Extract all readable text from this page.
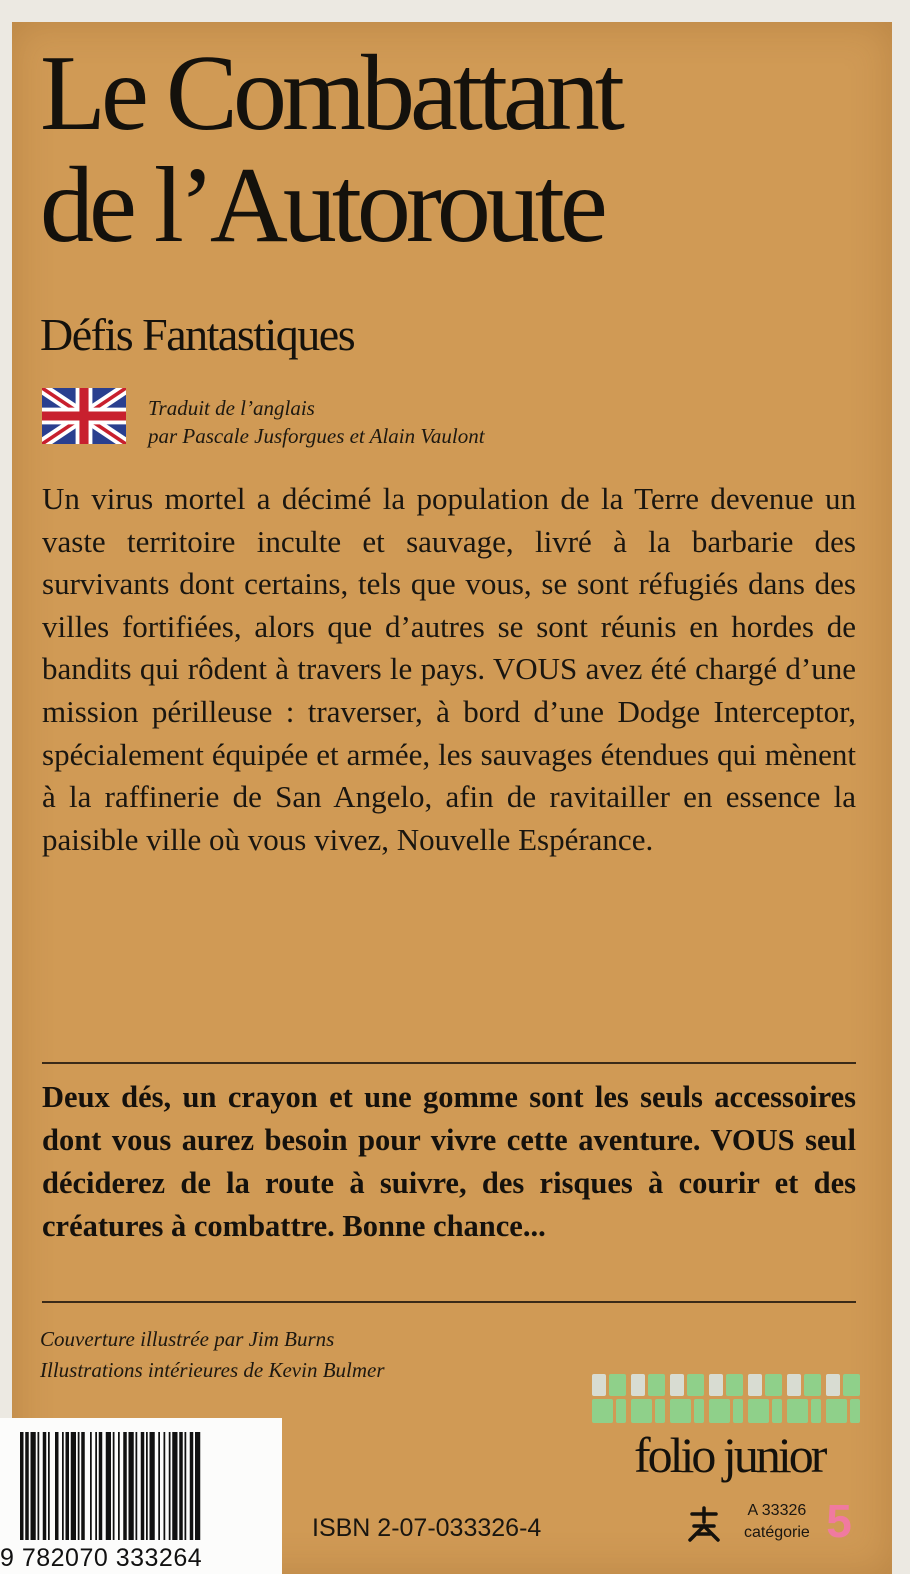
Le Combattant
de l’Autoroute
Défis Fantastiques
Traduit de l’anglais
par Pascale Jusforgues et Alain Vaulont
Un virus mortel a décimé la population de la Terre devenue un vaste territoire inculte et sauvage, livré à la barbarie des survivants dont certains, tels que vous, se sont réfugiés dans des villes fortifiées, alors que d’autres se sont réunis en hordes de bandits qui rôdent à travers le pays. VOUS avez été chargé d’une mission périlleuse : traverser, à bord d’une Dodge Interceptor, spécialement équipée et armée, les sauvages étendues qui mènent à la raffinerie de San Angelo, afin de ravitailler en essence la paisible ville où vous vivez, Nouvelle Espérance.
Deux dés, un crayon et une gomme sont les seuls accessoires dont vous aurez besoin pour vivre cette aventure. VOUS seul déciderez de la route à suivre, des risques à courir et des créatures à combattre. Bonne chance...
Couverture illustrée par Jim Burns
Illustrations intérieures de Kevin Bulmer
9 782070 333264
ISBN 2-07-033326-4
folio junior
A 33326
catégorie 5
